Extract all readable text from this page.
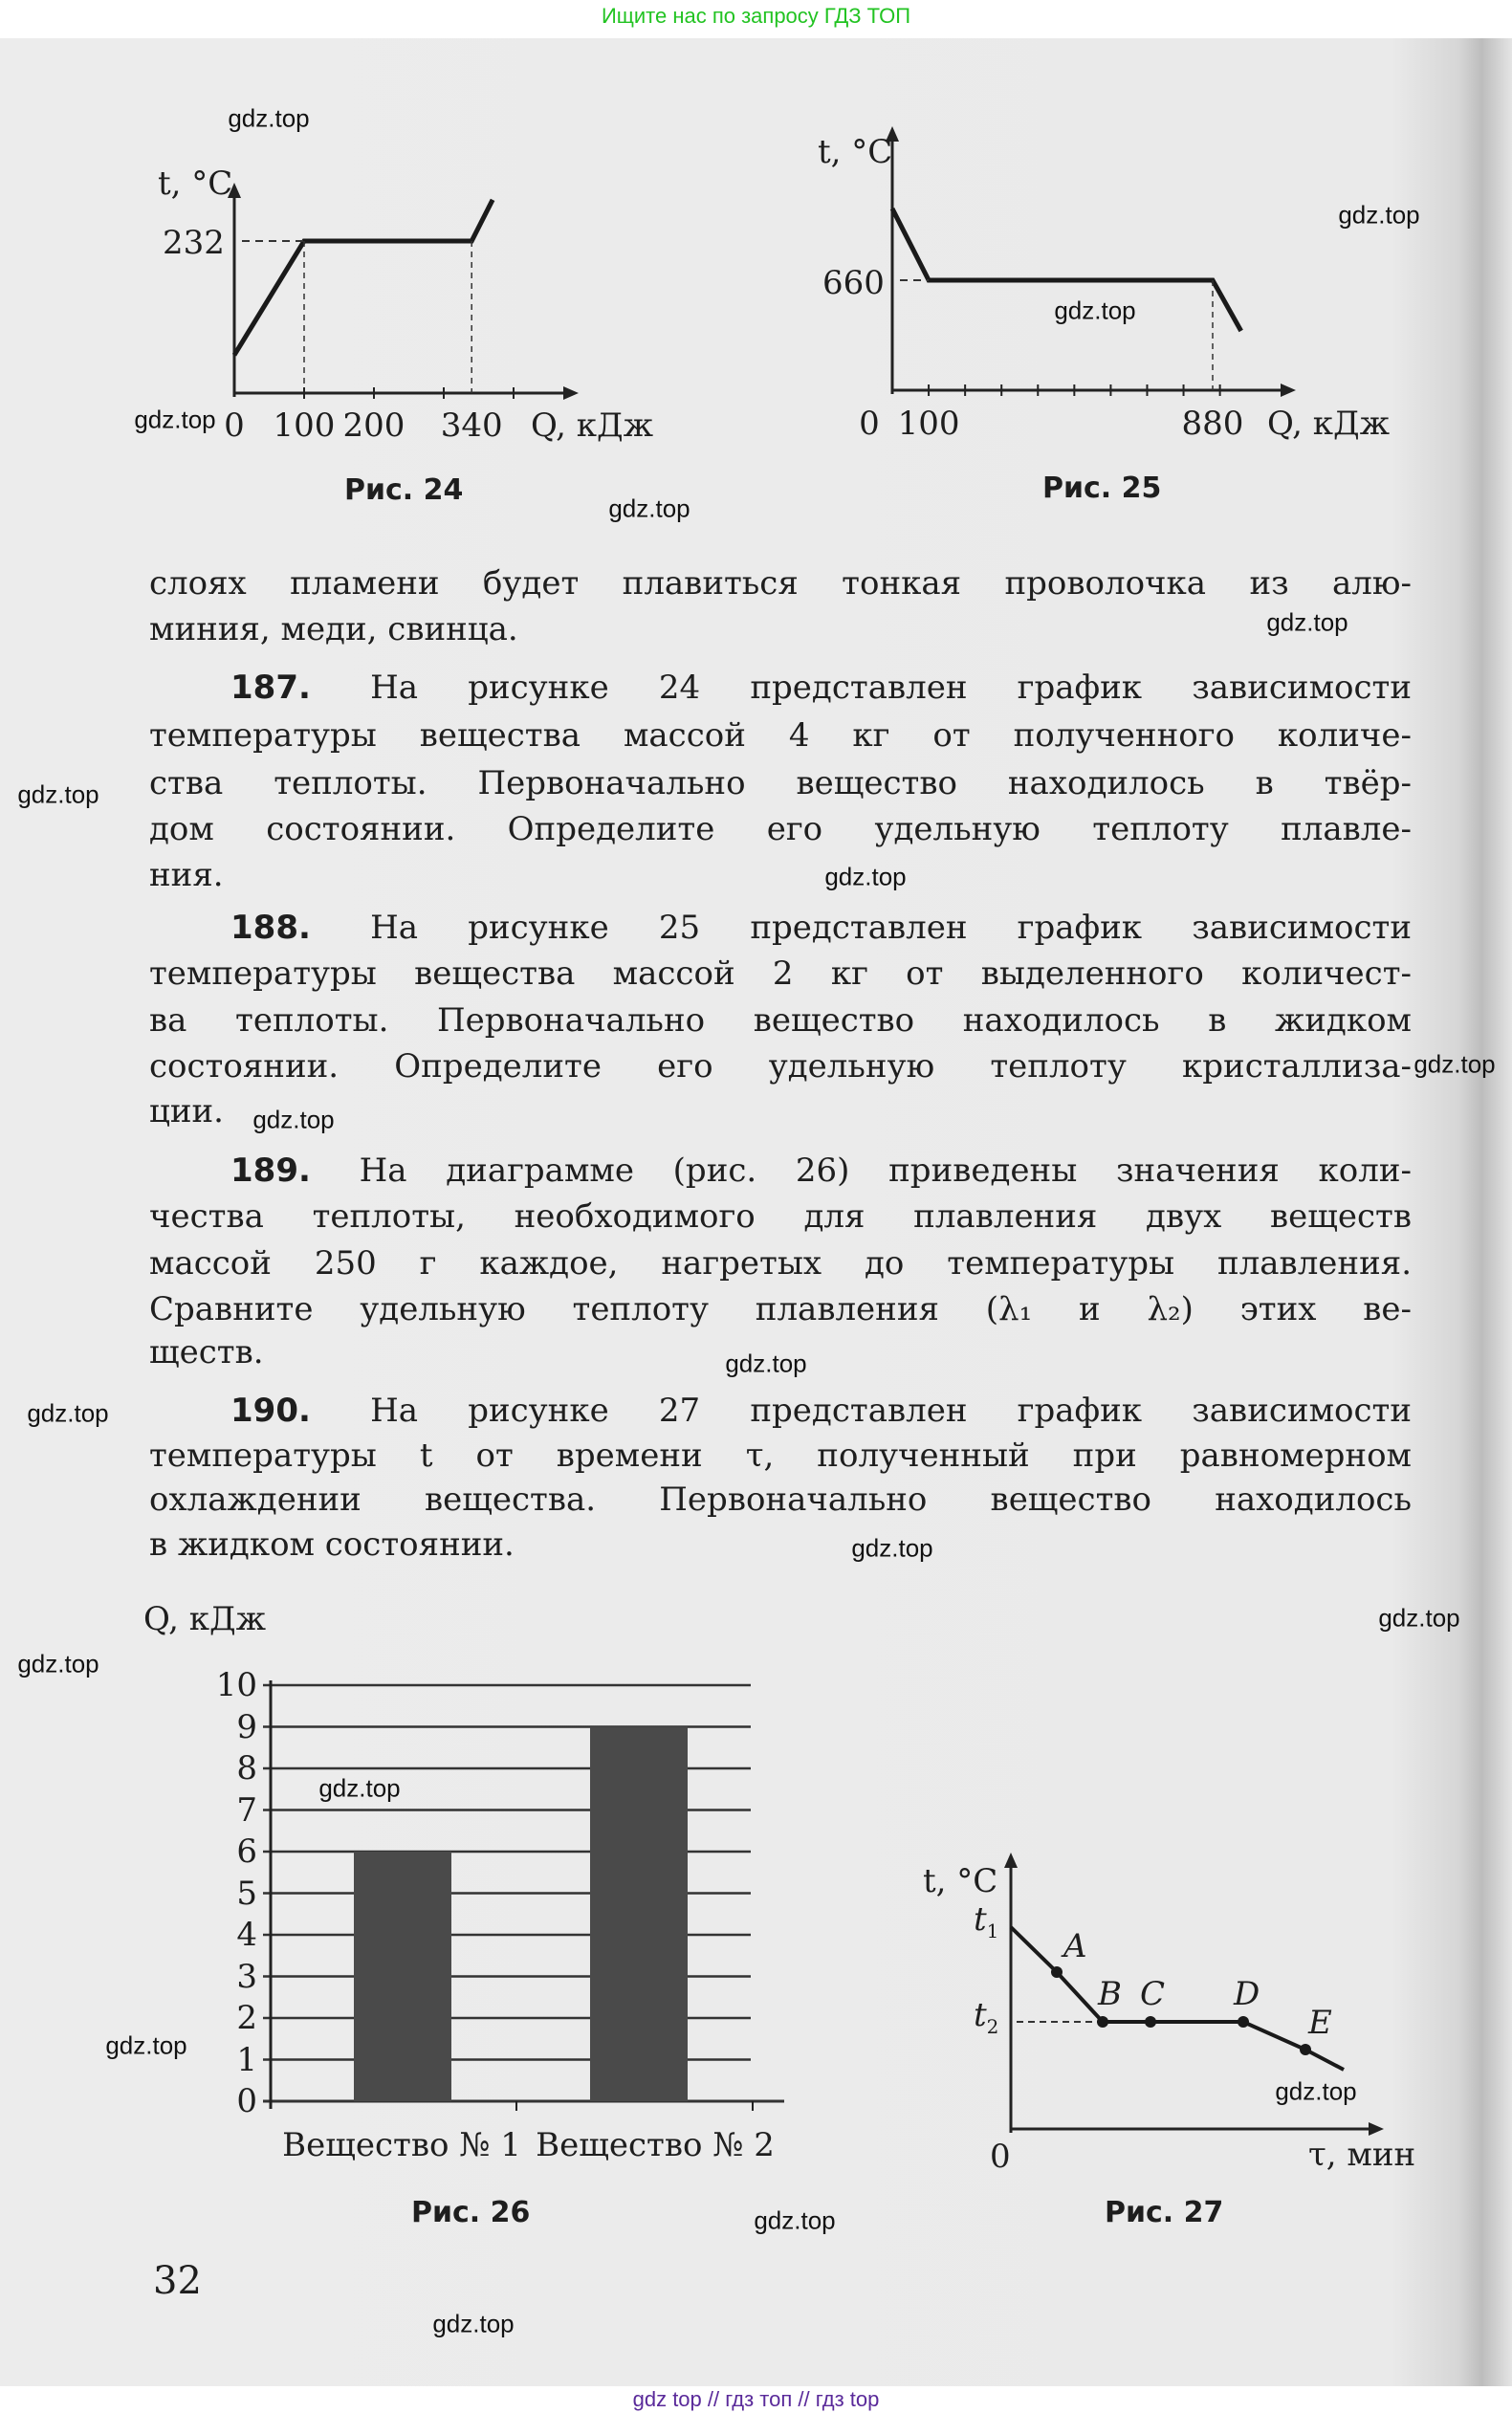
Ищите нас по запросу ГДЗ ТОП
слоях пламени будет плавиться тонкая проволочка из алю-
миния, меди, свинца.
187. На рисунке 24 представлен график зависимости
температуры вещества массой 4 кг от полученного количе-
ства теплоты. Первоначально вещество находилось в твёр-
дом состоянии. Определите его удельную теплоту плавле-
ния.
188. На рисунке 25 представлен график зависимости
температуры вещества массой 2 кг от выделенного количест-
ва теплоты. Первоначально вещество находилось в жидком
состоянии. Определите его удельную теплоту кристаллиза-
ции.
189. На диаграмме (рис. 26) приведены значения коли-
чества теплоты, необходимого для плавления двух веществ
массой 250 г каждое, нагретых до температуры плавления.
Сравните удельную теплоту плавления (λ₁ и λ₂) этих ве-
ществ.
190. На рисунке 27 представлен график зависимости
температуры t от времени τ, полученный при равномерном
охлаждении вещества. Первоначально вещество находилось
в жидком состоянии.
0 100 200 340 Q, кДж
t, °C
232
Рис. 24
0 100	880 Q, кДж
t, °C
660
Рис. 25
0
1
2
3
4
5
6
7
8
9
10
Вещество № 1 Вещество № 2
Q, кДж
Рис. 26
A
B C D
E
$t_1$
$t_2$
t, °C
0	τ, мин
Рис. 27
32
gdz.top
gdz.top
gdz.top
gdz.top
gdz.top
gdz.top
gdz.top
gdz.top
gdz.top
gdz.top
gdz.top
gdz.top
gdz.top
gdz.top
gdz.top
gdz.top
gdz.top
gdz.top
gdz.top
gdz.top
gdz top // гдз топ // гдз top
